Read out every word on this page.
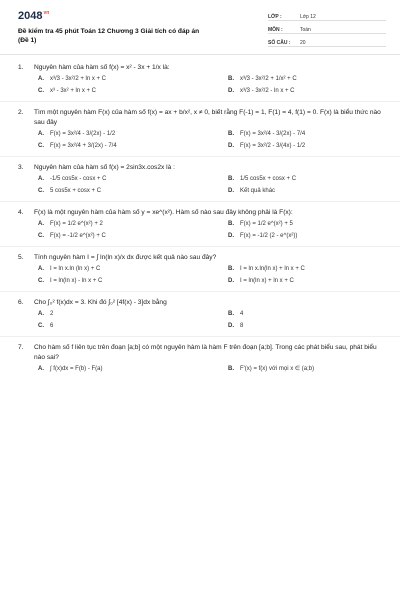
$2048^{vn}$
Đề kiểm tra 45 phút Toán 12 Chương 3 Giải tích có đáp án
(Đề 1)
LỚP :	Lớp 12
MÔN :	Toán
SỐ CÂU :	20
1.	Nguyên hàm của hàm số f(x) = x² - 3x + 1/x là:
A.	x³/3 - 3x²/2 + ln x + C	B.	x³/3 - 3x²/2 + 1/x² + C
C.	x³ - 3x² + ln x + C	D.	x³/3 - 3x²/2 - ln x + C
2.	Tìm một nguyên hàm F(x) của hàm số f(x) = ax + b/x², x ≠ 0, biết rằng F(-1) = 1, F(1) = 4, f(1) = 0. F(x) là biểu thức nào sau đây
A.	F(x) = 3x²/4 - 3/(2x) - 1/2	B.	F(x) = 3x²/4 - 3/(2x) - 7/4
C.	F(x) = 3x²/4 + 3/(2x) - 7/4	D.	F(x) = 3x²/2 - 3/(4x) - 1/2
3.	Nguyên hàm của hàm số f(x) = 2sin3x.cos2x là :
A.	-1/5 cos5x - cosx + C	B.	1/5 cos5x + cosx + C
C.	5 cos5x + cosx + C	D.	Kết quả khác
4.	F(x) là một nguyên hàm của hàm số y = xe^(x²). Hàm số nào sau đây không phải là F(x):
A.	F(x) = 1/2 e^(x²) + 2	B.	F(x) = 1/2 e^(x²) + 5
C.	F(x) = -1/2 e^(x²) + C	D.	F(x) = -1/2 (2 - e^(x²))
5.	Tính nguyên hàm I = ∫ ln(ln x)/x dx được kết quả nào sau đây?
A.	I = ln x.ln (ln x) + C	B.	I = ln x.ln(ln x) + ln x + C
C.	I = ln(ln x) - ln x + C	D.	I = ln(ln x) + ln x + C
6.	Cho ∫₀² f(x)dx = 3. Khi đó ∫₀² [4f(x) - 3]dx bằng
A.	2	B.	4
C.	6	D.	8
7.	Cho hàm số f liên tục trên đoạn [a;b] có một nguyên hàm là hàm F trên đoạn [a;b]. Trong các phát biểu sau, phát biểu nào sai?
A.	∫ f(x)dx = F(b) - F(a)	B.	F'(x) = f(x) với mọi x ∈ (a;b)
